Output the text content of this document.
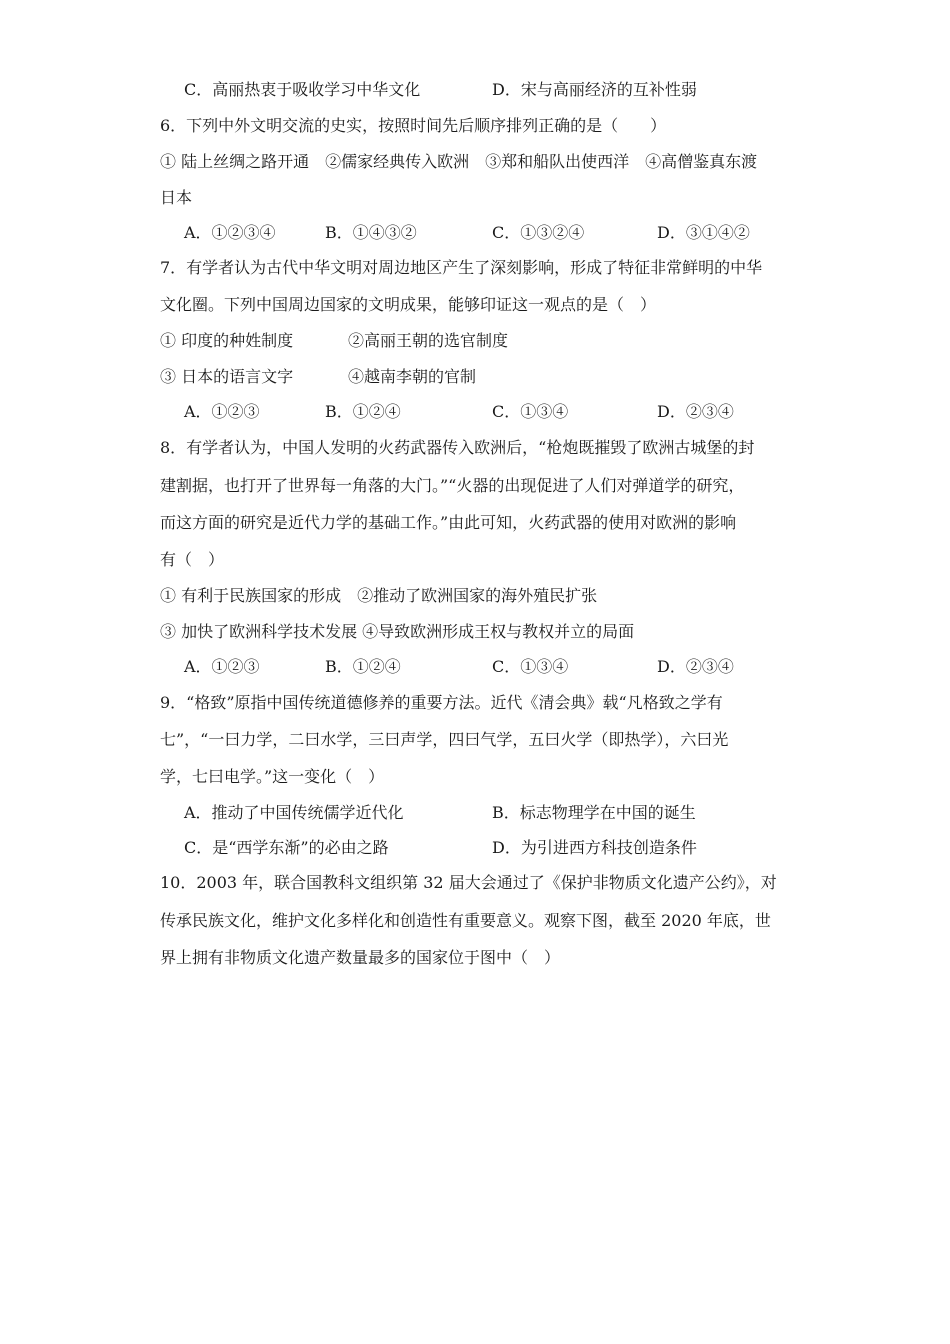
C．高丽热衷于吸收学习中华文化	D．宋与高丽经济的互补性弱
6．下列中外文明交流的史实，按照时间先后顺序排列正确的是（　　）
① 陆上丝绸之路开通　②儒家经典传入欧洲　③郑和船队出使西洋　④高僧鉴真东渡
日本
A．①②③④	B．①④③②	C．①③②④	D．③①④②
7．有学者认为古代中华文明对周边地区产生了深刻影响，形成了特征非常鲜明的中华
文化圈。下列中国周边国家的文明成果，能够印证这一观点的是（　）
① 印度的种姓制度	②高丽王朝的选官制度
③ 日本的语言文字	④越南李朝的官制
A．①②③	B．①②④	C．①③④	D．②③④
8．有学者认为，中国人发明的火药武器传入欧洲后，“枪炮既摧毁了欧洲古城堡的封
建割据，也打开了世界每一角落的大门。”“火器的出现促进了人们对弹道学的研究，
而这方面的研究是近代力学的基础工作。”由此可知，火药武器的使用对欧洲的影响
有（　）
① 有利于民族国家的形成　②推动了欧洲国家的海外殖民扩张
③ 加快了欧洲科学技术发展 ④导致欧洲形成王权与教权并立的局面
A．①②③	B．①②④	C．①③④	D．②③④
9．“格致”原指中国传统道德修养的重要方法。近代《清会典》载“凡格致之学有
七”，“一曰力学，二曰水学，三曰声学，四曰气学，五曰火学（即热学），六曰光
学，七曰电学。”这一变化（　）
A．推动了中国传统儒学近代化	B．标志物理学在中国的诞生
C．是“西学东渐”的必由之路	D．为引进西方科技创造条件
10．2003 年，联合国教科文组织第 32 届大会通过了《保护非物质文化遗产公约》，对
传承民族文化，维护文化多样化和创造性有重要意义。观察下图，截至 2020 年底，世
界上拥有非物质文化遗产数量最多的国家位于图中（　）
